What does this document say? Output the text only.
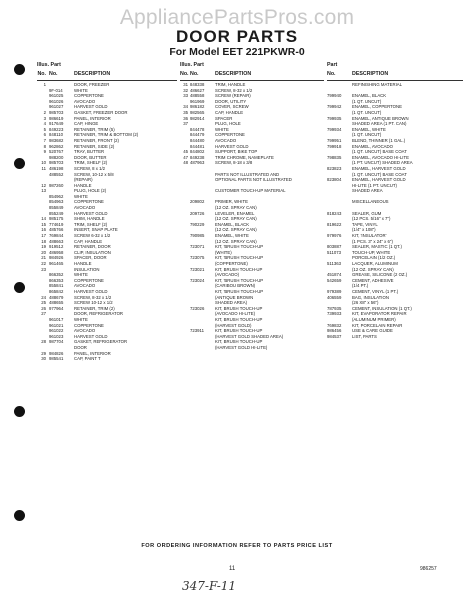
AppliancePartsPros.com
DOOR PARTS
For Model EET 221PKWR-0
Illus. Part
No. No.	DESCRIPTION
1	DOOR, FREEZER
9F-014	WHITE
961025	COPPERTONE
961026	AVOCADO
961027	HARVEST GOLD
2 985703	GASKET, FREEZER DOOR
3 986619	PANEL, INTERIOR
4 917649	CAP, HINGE
5 849223	RETAINER, TRIM (5)
6 848110	RETAINER, TRIM & BOTTOM (2)
7 983682	RETAINER, FRONT (2)
8 962862	RETAINER, SIDE (2)
9 520767	TRAY, BUTTER
988200	DOOR, BUTTER
10 985703	TRIM, SHELF (2)
11 486198	SCREW, 8 x 1/2
488552	SCREW, 10-12 x 5/8
(REPAIR)
12 987260	HANDLE
13	PLUG, HOLE (2)
854962	WHITE
854963	COPPERTONE
855849	AVOCADO
855249	HARVEST GOLD
14 985175	SHIM, HANDLE
15 774619	TRIM, SHELF (2)
16 485766	INSERT, SNAP PLATE
17 769844	SCREW 6-32 x 1/2
18 488663	CAP, HANDLE
19 919512	RETAINER, DOOR
20 486958	CLIP, INSULATION
21 984926	SPACER, DOOR
22 961465	HANDLE
23	INSULATION
866352	WHITE
866353	COPPERTONE
855841	AVOCADO
865842	HARVEST GOLD
24 488679	SCREW, 8-32 x 1/2
25 488655	SCREW 10-12 x 1/2
26 977964	RETAINER, TRIM (2)
27	DOOR, REFRIGERATOR
961017	WHITE
961021	COPPERTONE
961022	AVOCADO
961023	HARVEST GOLD
28 987704	GASKET, REFRIGERATOR
DOOR
29 984826	PANEL, INTERIOR
30 985541	CAP, PAINT T
Illus. Part
No. No.	DESCRIPTION
31 848338	TRIM, HANDLE
32 486627	SCREW, 8-32 x 1/2
33 488558	SCREW (REPAIR)
961969	DOOR, UTILITY
34 986182	COVER, SCREW
35 982565	CAP, HANDLE
36 982914	SPACER
37	PLUG, HOLE
844478	WHITE
844479	COPPERTONE
844480	AVOCADO
844481	HARVEST GOLD
45 844802	SUPPORT, BIKE TOP
47 849238	TRIM CHROME, NAMEPLATE
48 487963	SCREW, 8-18 x 3/8
PARTS NOT ILLUSTRATED AND
OPTIONAL PARTS NOT ILLUSTRATED
CUSTOMER TOUCH-UP MATERIAL
209802	PRIMER, WHITE
(12 OZ. SPRAY CAN)
209726	LEVELER, ENAMEL
(12 OZ. SPRAY CAN)
790229	ENAMEL, BLACK
(12 OZ. SPRAY CAN)
790985	ENAMEL, WHITE
(12 OZ. SPRAY CAN)
723071	KIT, 'BRUSH TOUCH-UP
(WHITE)
723075	KIT, 'BRUSH TOUCH-UP
(COPPERTONE)
723021	KIT, BRUSH TOUCH-UP
(AVOCADO)
723024	KIT, 'BRUSH TOUCH-UP
(CARIBOU BROWN)
KIT, 'BRUSH TOUCH-UP
(ANTIQUE BROWN
SHADED AREA)
723026	KIT, BRUSH TOUCH-UP
(AVOCADO HI-LITE)
KIT, BRUSH TOUCH-UP
(HARVEST GOLD)
723911	KIT, BRUSH TOUCH-UP
(HARVEST GOLD SHADED AREA)
KIT, BRUSH TOUCH-UP
(HARVEST GOLD HI-LITE)
Part
No.	DESCRIPTION
REFINISHING MATERIAL
799940	ENAMEL, BLACK
(1 QT. UNCUT)
799942	ENAMEL, COPPERTONE
(1 QT. UNCUT)
799935	ENAMEL, ANTIQUE BROWN
SHADED AREA (1 PT. CAN)
799934	ENAMEL, WHITE
(1 QT. UNCUT)
799951	BLEND, THINNER (1 GAL.)
799918	ENAMEL, AVOCADO
(1 QT. UNCUT) BASE COAT
798835	ENAMEL, AVOCADO HI-LITE
(1 PT. UNCUT) SHADED AREA
823823	ENAMEL, HARVEST GOLD
(1 QT. UNCUT) BASE COAT
823804	ENAMEL, HARVEST GOLD
HI-LITE (1 PT. UNCUT)
SHADED AREA
MISCELLANEOUS
818243	SEALER, GUM
(12 PCS. 5/16" x 7")
819622	TAPE, VINYL
(1/4" x 108")
979976	KIT, 'INSULATOR'
(1 PCS. 3" x 24" x 6")
803887	SEALER, MASTIC (1 QT.)
511073	TOUCH-UP, WHITE
PORCELAIN (1/2 OZ.)
511363	LACQUER, ALUMINUM
(12 OZ. SPRAY CAN)
451874	GREASE, SILICONE (2 OZ.)
542659	CEMENT, ADHESIVE
(1/4 PT.)
979389	CEMENT, VINYL (1 PT.)
406559	BAG, INSULATION
(26 X8" x 56")
787935	CEMENT, INSULATION (1 QT.)
739933	KIT, EVAPORATOR REPAIR
(ALUMINUM PRIMER)
769832	KIT, PORCELAIN REPAIR
986456	USE & CARE GUIDE
984537	LIST, PARTS
FOR ORDERING INFORMATION REFER TO PARTS PRICE LIST
11	986257
347-F-11
